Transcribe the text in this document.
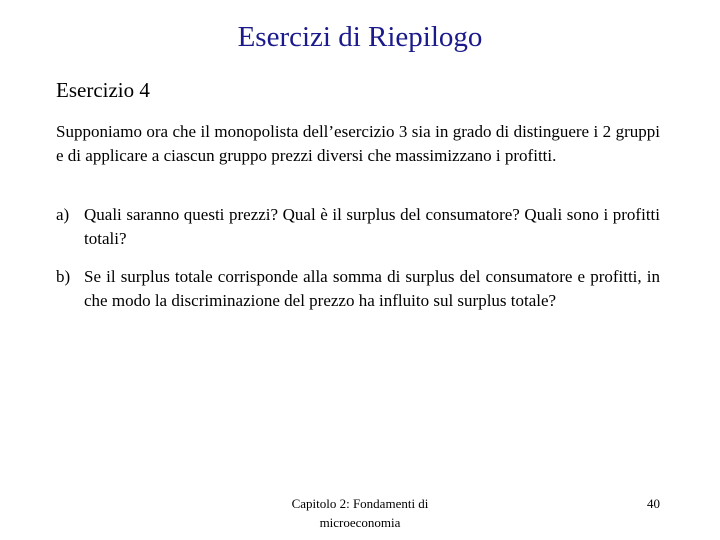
Esercizi di Riepilogo
Esercizio 4
Supponiamo ora che il monopolista dell’esercizio 3 sia in grado di distinguere i 2 gruppi e di applicare a ciascun gruppo prezzi diversi che massimizzano i profitti.
a) Quali saranno questi prezzi? Qual è il surplus del consumatore? Quali sono i profitti totali?
b) Se il surplus totale corrisponde alla somma di surplus del consumatore e profitti, in che modo la discriminazione del prezzo ha influito sul surplus totale?
Capitolo 2: Fondamenti di microeconomia
40
